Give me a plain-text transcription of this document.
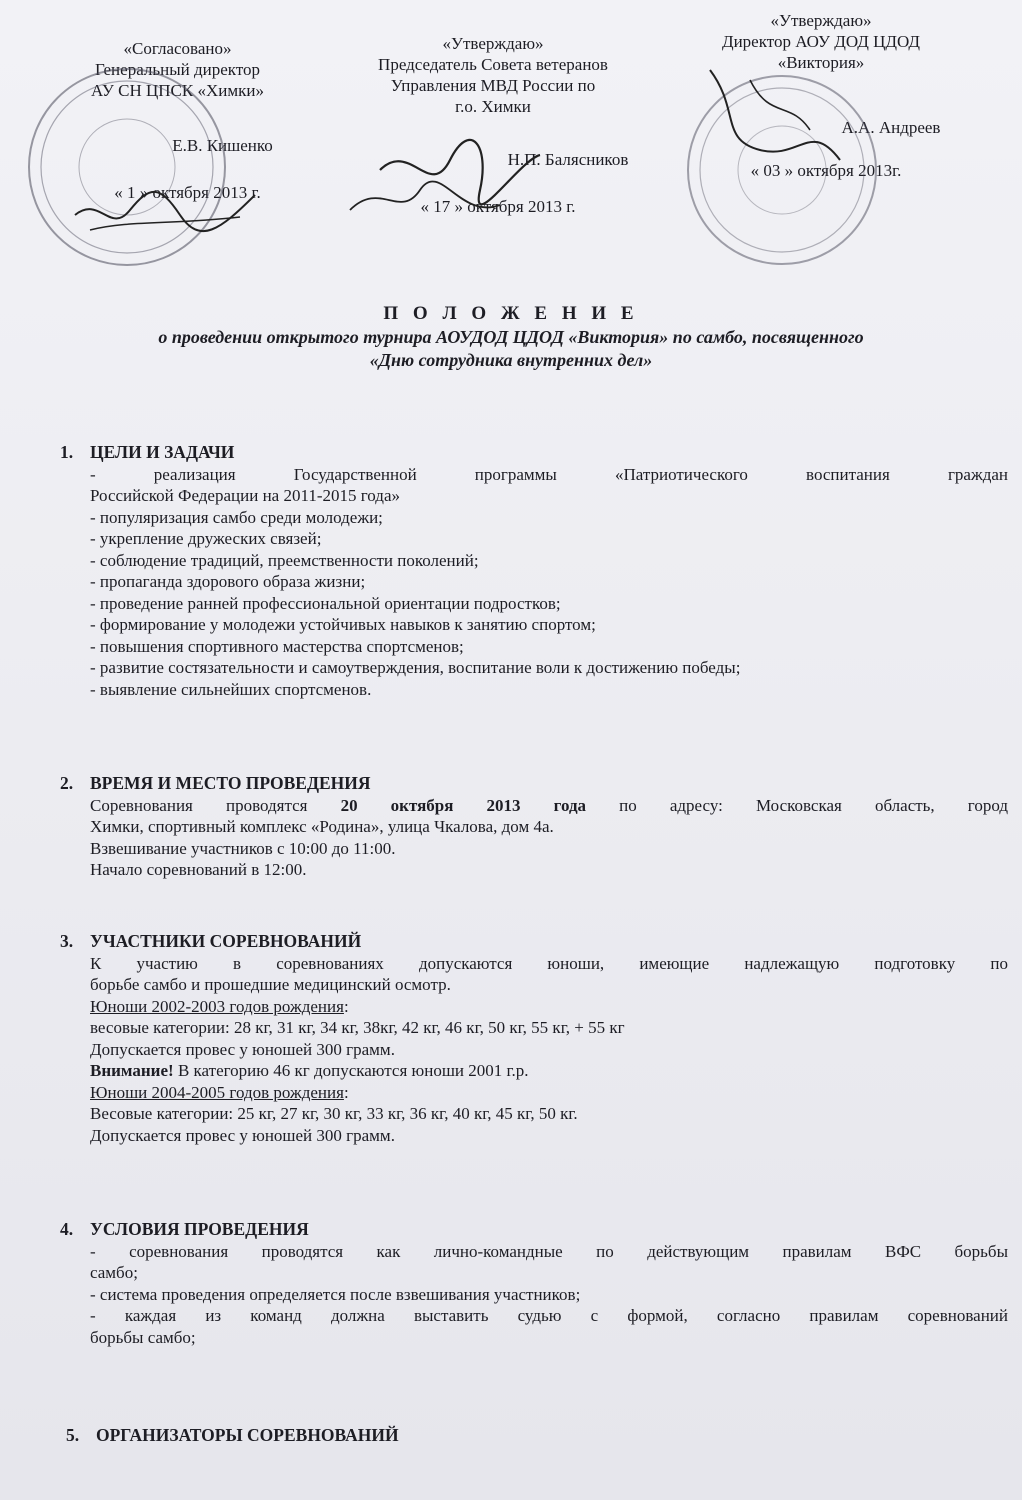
«Согласовано»
Генеральный директор
АУ СН ЦПСК «Химки»
Е.В. Кишенко
« 1 » октября 2013 г.
«Утверждаю»
Председатель Совета ветеранов
Управления МВД России по
г.о. Химки
Н.П. Балясников
« 17 » октября 2013 г.
«Утверждаю»
Директор АОУ ДОД ЦДОД
«Виктория»
А.А. Андреев
« 03 » октября 2013г.
П О Л О Ж Е Н И Е
о проведении открытого турнира АОУДОД ЦДОД «Виктория» по самбо, посвященного
«Дню сотрудника внутренних дел»
1. ЦЕЛИ И ЗАДАЧИ
- реализация Государственной программы «Патриотического воспитания граждан
Российской Федерации на 2011-2015 года»
- популяризация самбо среди молодежи;
- укрепление дружеских связей;
- соблюдение традиций, преемственности поколений;
- пропаганда здорового образа жизни;
- проведение ранней профессиональной ориентации подростков;
- формирование у молодежи устойчивых навыков к занятию спортом;
- повышения спортивного мастерства спортсменов;
- развитие состязательности и самоутверждения, воспитание воли к достижению победы;
- выявление сильнейших спортсменов.
2. ВРЕМЯ И МЕСТО ПРОВЕДЕНИЯ
Соревнования проводятся 20 октября 2013 года по адресу: Московская область, город
Химки, спортивный комплекс «Родина», улица Чкалова, дом 4а.
Взвешивание участников с 10:00 до 11:00.
Начало соревнований в 12:00.
3. УЧАСТНИКИ СОРЕВНОВАНИЙ
К участию в соревнованиях допускаются юноши, имеющие надлежащую подготовку по
борьбе самбо и прошедшие медицинский осмотр.
Юноши 2002-2003 годов рождения:
весовые категории: 28 кг, 31 кг, 34 кг, 38кг, 42 кг, 46 кг, 50 кг, 55 кг, + 55 кг
Допускается провес у юношей 300 грамм.
Внимание! В категорию 46 кг допускаются юноши 2001 г.р.
Юноши 2004-2005 годов рождения:
Весовые категории: 25 кг, 27 кг, 30 кг, 33 кг, 36 кг, 40 кг, 45 кг, 50 кг.
Допускается провес у юношей 300 грамм.
4. УСЛОВИЯ ПРОВЕДЕНИЯ
- соревнования проводятся как лично-командные по действующим правилам ВФС борьбы
самбо;
- система проведения определяется после взвешивания участников;
- каждая из команд должна выставить судью с формой, согласно правилам соревнований
борьбы самбо;
5. ОРГАНИЗАТОРЫ СОРЕВНОВАНИЙ
